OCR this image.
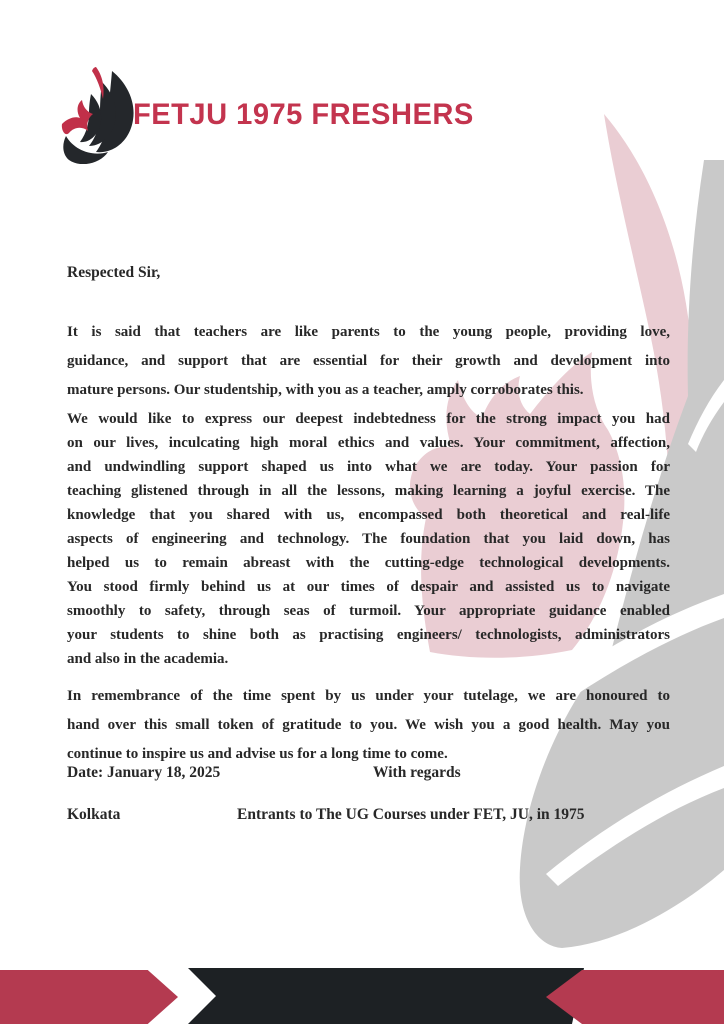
FETJU 1975 FRESHERS
Respected Sir,
It is said that teachers are like parents to the young people, providing love,
guidance, and support that are essential for their growth and development into
mature persons. Our studentship, with you as a teacher, amply corroborates this.
We would like to express our deepest indebtedness for the strong impact you had
on our lives, inculcating high moral ethics and values. Your commitment, affection,
and undwindling support shaped us into what we are today. Your passion for
teaching glistened through in all the lessons, making learning a joyful exercise. The
knowledge that you shared with us, encompassed both theoretical and real-life
aspects of engineering and technology. The foundation that you laid down, has
helped us to remain abreast with the cutting-edge technological developments.
You stood firmly behind us at our times of despair and assisted us to navigate
smoothly to safety, through seas of turmoil. Your appropriate guidance enabled
your students to shine both as practising engineers/ technologists, administrators
and also in the academia.
In remembrance of the time spent by us under your tutelage, we are honoured to
hand over this small token of gratitude to you. We wish you a good health. May you
continue to inspire us and advise us for a long time to come.
Date: January 18, 2025	With regards
Kolkata	Entrants to The UG Courses under FET, JU, in 1975
